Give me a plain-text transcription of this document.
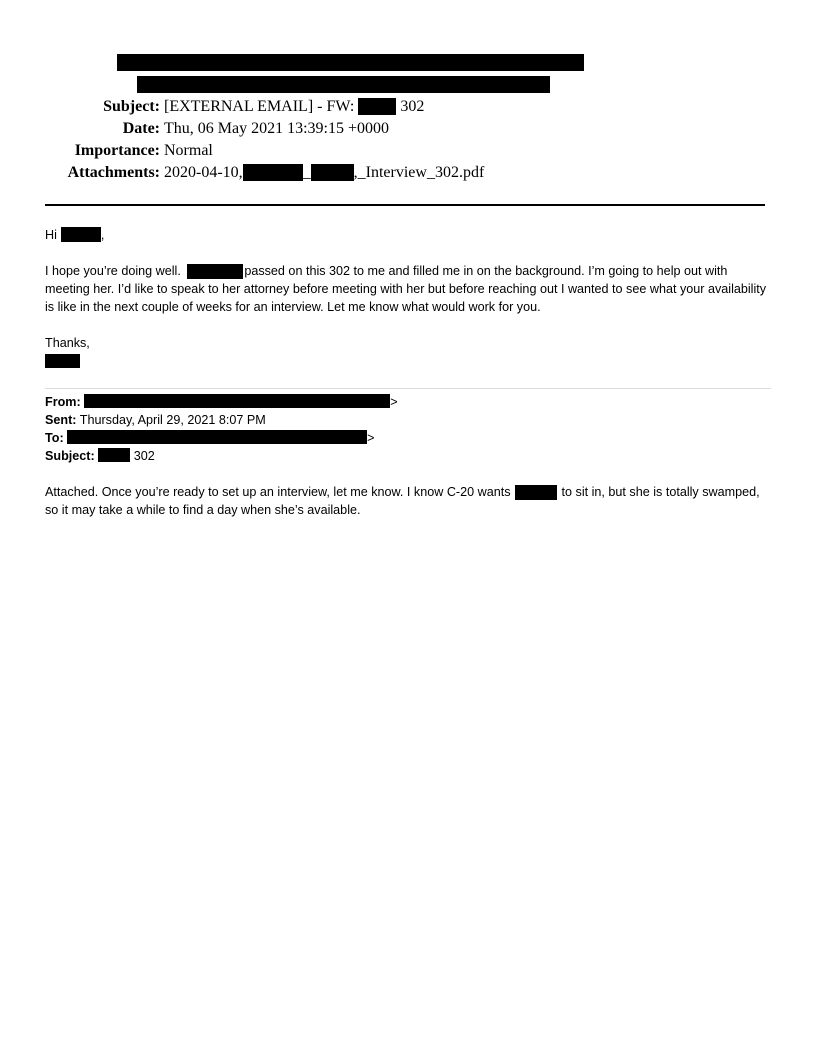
Subject: [EXTERNAL EMAIL] - FW:	302
Date: Thu, 06 May 2021 13:39:15 +0000
Importance: Normal
Attachments: 2020-04-10,	_	,_Interview_302.pdf
Hi	,
I hope you’re doing well.	passed on this 302 to me and filled me in on the background. I’m going to help out with meeting her. I’d like to speak to her attorney before meeting with her but before reaching out I wanted to see what your availability is like in the next couple of weeks for an interview. Let me know what would work for you.
Thanks,
From:	>
Sent: Thursday, April 29, 2021 8:07 PM
To:	>
Subject:	302
Attached. Once you’re ready to set up an interview, let me know. I know C-20 wants	to sit in, but she is totally swamped, so it may take a while to find a day when she’s available.
